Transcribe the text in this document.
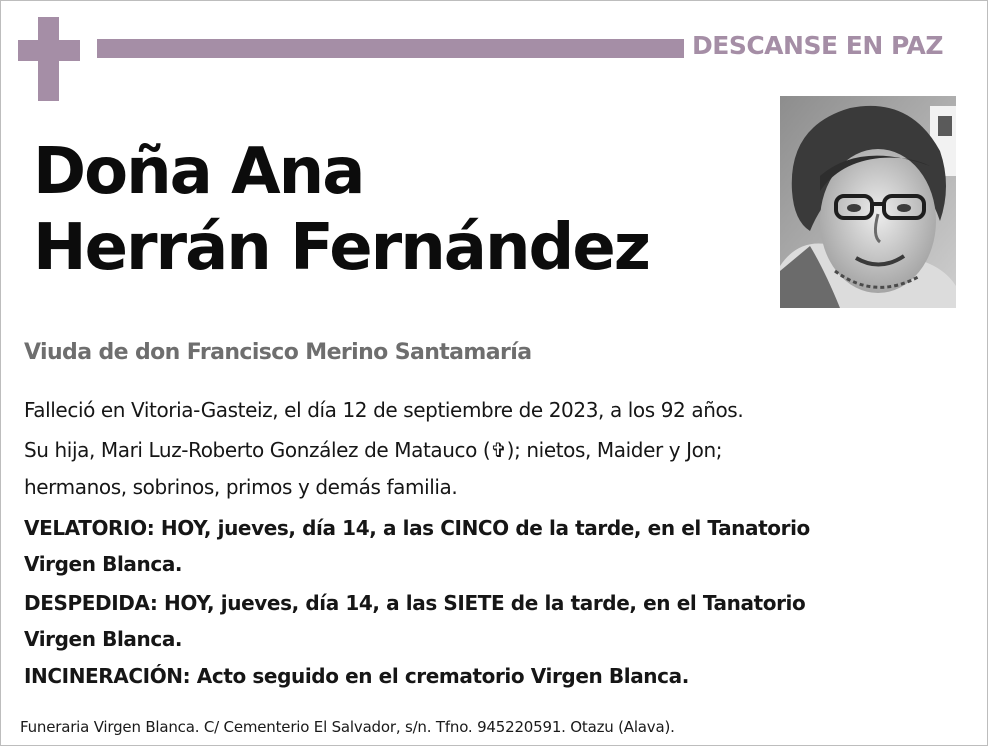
DESCANSE EN PAZ
Doña Ana
Herrán Fernández
Viuda de don Francisco Merino Santamaría
Falleció en Vitoria-Gasteiz, el día 12 de septiembre de 2023, a los 92 años.
Su hija, Mari Luz-Roberto González de Matauco (✞); nietos, Maider y Jon;
hermanos, sobrinos, primos y demás familia.
VELATORIO: HOY, jueves, día 14, a las CINCO de la tarde, en el Tanatorio
Virgen Blanca.
DESPEDIDA: HOY, jueves, día 14, a las SIETE de la tarde, en el Tanatorio
Virgen Blanca.
INCINERACIÓN: Acto seguido en el crematorio Virgen Blanca.
Funeraria Virgen Blanca. C/ Cementerio El Salvador, s/n. Tfno. 945220591. Otazu (Alava).
